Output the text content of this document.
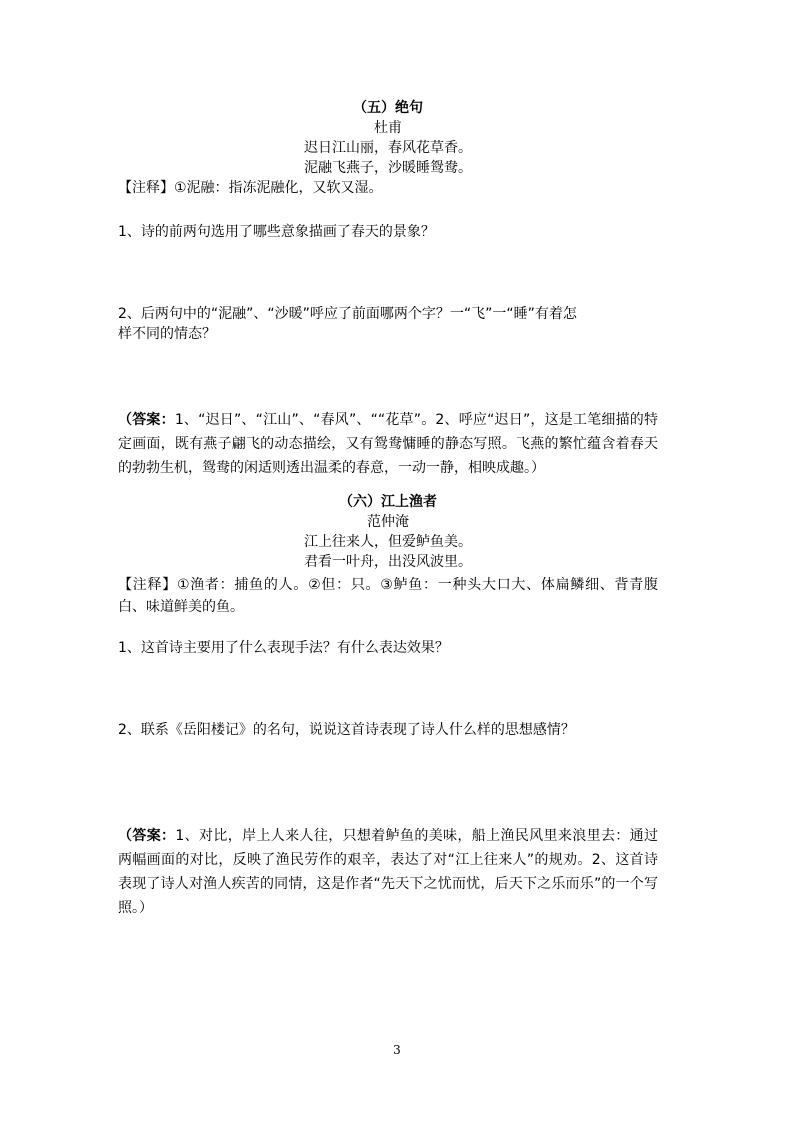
（五）绝句
杜甫
迟日江山丽，春风花草香。
泥融飞燕子，沙暖睡鸳鸯。
【注释】①泥融：指冻泥融化，又软又湿。
1、诗的前两句选用了哪些意象描画了春天的景象？
2、后两句中的“泥融”、“沙暖”呼应了前面哪两个字？一“飞”一“睡”有着怎
样不同的情态？

（答案：1、“迟日”、“江山”、“春风”、““花草”。2、呼应“迟日”，这是工笔细描的特定画面，既有燕子翩飞的动态描绘，又有鸳鸯慵睡的静态写照。飞燕的繁忙蕴含着春天的勃勃生机，鸳鸯的闲适则透出温柔的春意，一动一静，相映成趣。）

（六）江上渔者
范仲淹
江上往来人，但爱鲈鱼美。
君看一叶舟，出没风波里。

【注释】①渔者：捕鱼的人。②但：只。③鲈鱼：一种头大口大、体扁鳞细、背青腹白、味道鲜美的鱼。

1、这首诗主要用了什么表现手法？有什么表达效果？
2、联系《岳阳楼记》的名句，说说这首诗表现了诗人什么样的思想感情？

（答案：1、对比，岸上人来人往，只想着鲈鱼的美味，船上渔民风里来浪里去：通过两幅画面的对比，反映了渔民劳作的艰辛，表达了对“江上往来人”的规劝。2、这首诗表现了诗人对渔人疾苦的同情，这是作者“先天下之忧而忧，后天下之乐而乐”的一个写照。）

3
